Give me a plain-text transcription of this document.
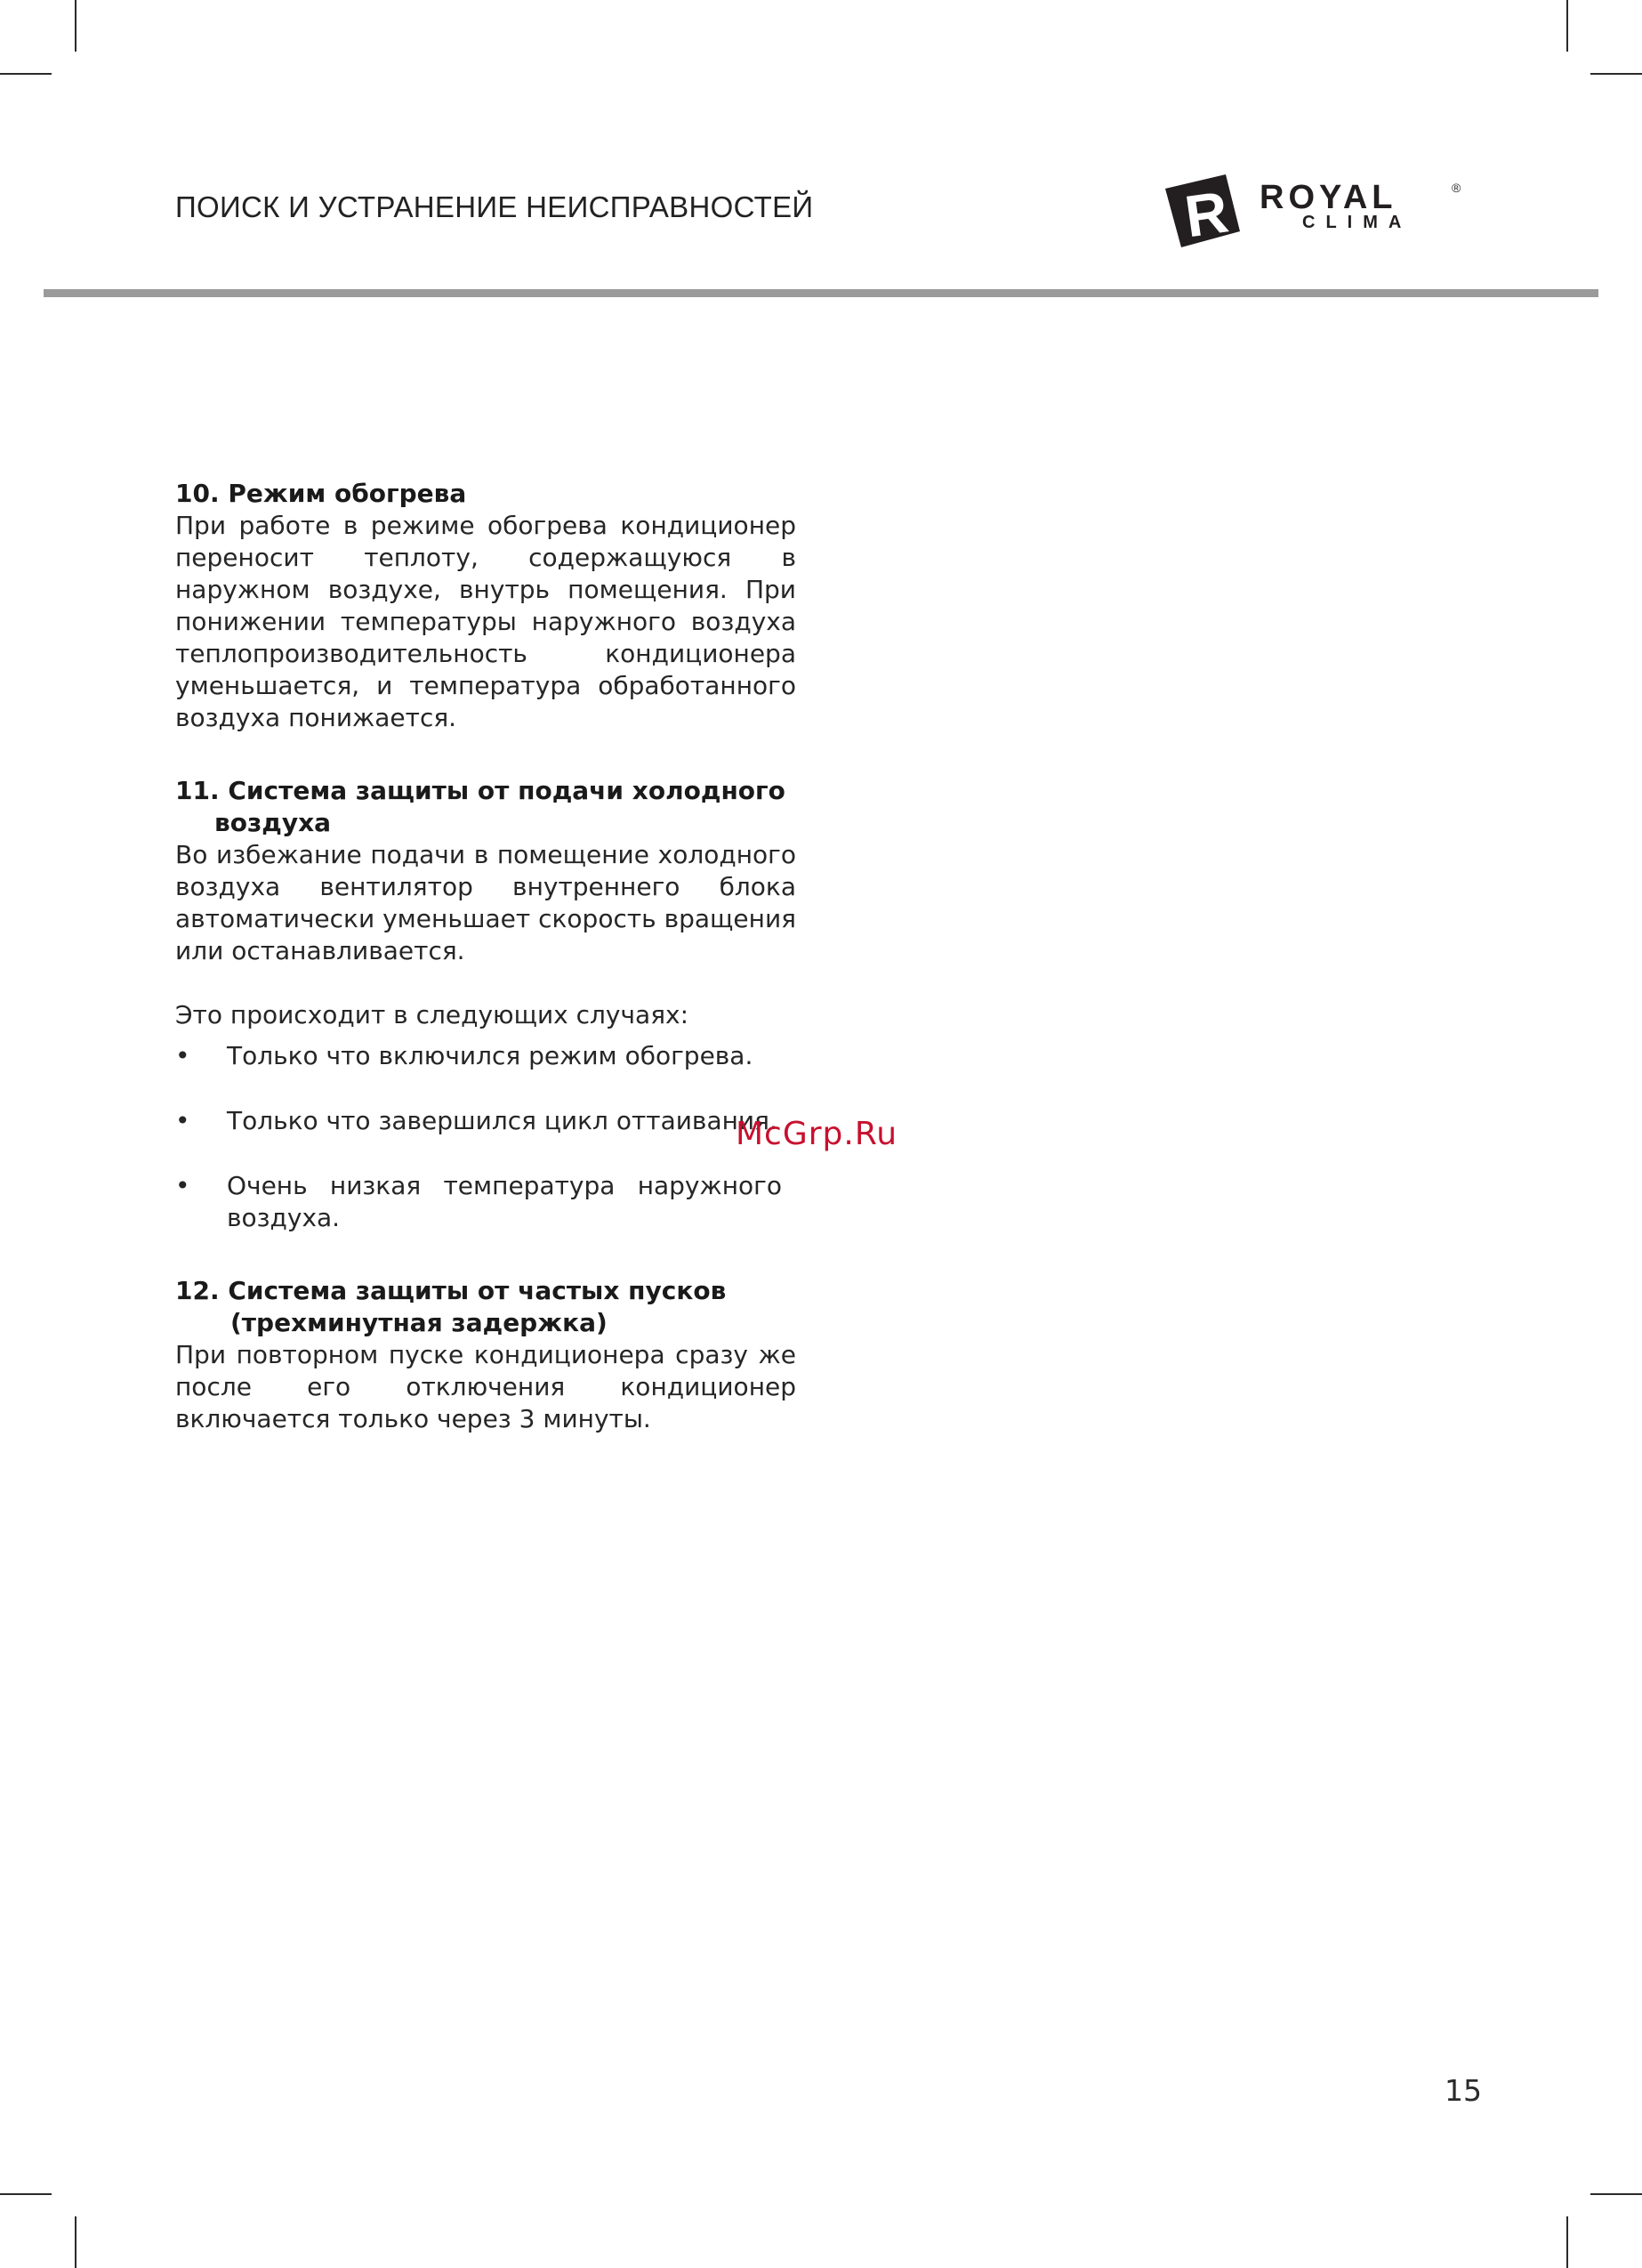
ПОИСК И УСТРАНЕНИЕ НЕИСПРАВНОСТЕЙ	R ROYAL	®
CLIMA
10. Режим обогрева

При работе в режиме обогрева кондиционер переносит теплоту, содержащуюся в наружном воздухе, внутрь помещения. При понижении температуры наружного воздуха теплопроизводительность кондиционера уменьшается, и температура обработанного воздуха понижается.

11. Система защиты от подачи холодного
воздуха

Во избежание подачи в помещение холодного воздуха вентилятор внутреннего блока автоматически уменьшает скорость вращения или останавливается.

Это происходит в следующих случаях:

• Только что включился режим обогрева.
• Только что завершился цикл оттаивания.
• Очень низкая температура наружного воздуха.
12. Система защиты от частых пусков
(трехминутная задержка)

При повторном пуске кондиционера сразу же после его отключения кондиционер включается только через 3 минуты.

McGrp.Ru
15
